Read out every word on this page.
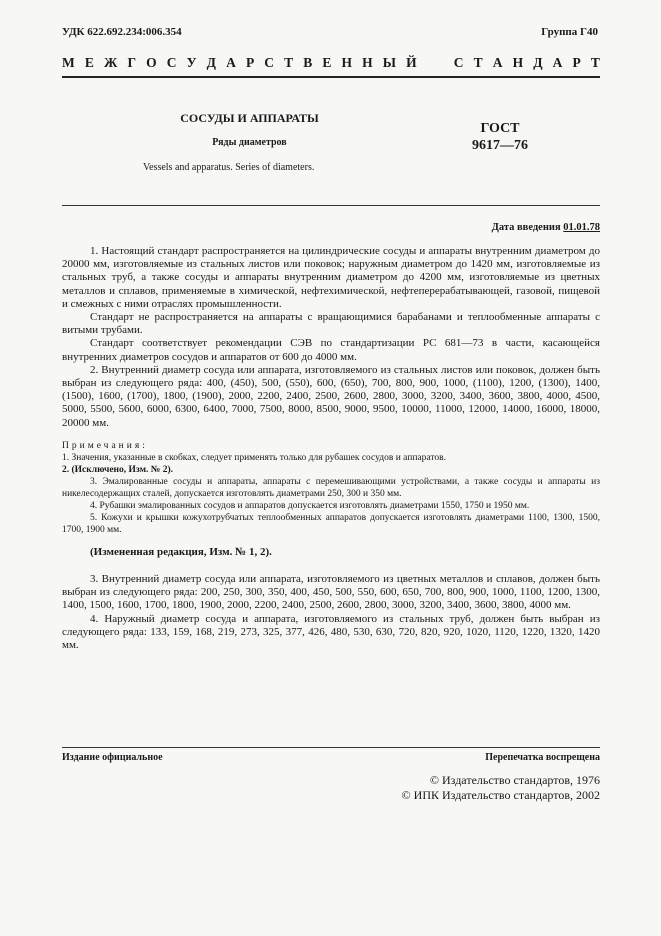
УДК 622.692.234:006.354	Группа Г40
М Е Ж Г О С У Д А Р С Т В Е Н Н Ы Й

	С Т А Н Д А Р Т
СОСУДЫ И АППАРАТЫ
Ряды диаметров
Vessels and apparatus. Series of diameters.
ГОСТ
9617—76
Дата введения 01.01.78

1. Настоящий стандарт распространяется на цилиндрические сосуды и аппараты внутренним диаметром до 20000 мм, изготовляемые из стальных листов или поковок; наружным диаметром до 1420 мм, изготовляемые из стальных труб, а также сосуды и аппараты внутренним диаметром до 4200 мм, изготовляемые из цветных металлов и сплавов, применяемые в химической, нефтехимической, нефтеперерабатывающей, газовой, пищевой и смежных с ними отраслях промышленности.

Стандарт не распространяется на аппараты с вращающимися барабанами и теплообменные аппараты с витыми трубами.

Стандарт соответствует рекомендации СЭВ по стандартизации РС 681—73 в части, касающейся внутренних диаметров сосудов и аппаратов от 600 до 4000 мм.

2. Внутренний диаметр сосуда или аппарата, изготовляемого из стальных листов или поковок, должен быть выбран из следующего ряда: 400, (450), 500, (550), 600, (650), 700, 800, 900, 1000, (1100), 1200, (1300), 1400, (1500), 1600, (1700), 1800, (1900), 2000, 2200, 2400, 2500, 2600, 2800, 3000, 3200, 3400, 3600, 3800, 4000, 4500, 5000, 5500, 5600, 6000, 6300, 6400, 7000, 7500, 8000, 8500, 9000, 9500, 10000, 11000, 12000, 14000, 16000, 18000, 20000 мм.

Примечания:

1. Значения, указанные в скобках, следует применять только для рубашек сосудов и аппаратов.

2. (Исключено, Изм. № 2).

3. Эмалированные сосуды и аппараты, аппараты с перемешивающими устройствами, а также сосуды и аппараты из никелесодержащих сталей, допускается изготовлять диаметрами 250, 300 и 350 мм.

4. Рубашки эмалированных сосудов и аппаратов допускается изготовлять диаметрами 1550, 1750 и 1950 мм.

5. Кожухи и крышки кожухотрубчатых теплообменных аппаратов допускается изготовлять диаметрами 1100, 1300, 1500, 1700, 1900 мм.

(Измененная редакция, Изм. № 1, 2).

3. Внутренний диаметр сосуда или аппарата, изготовляемого из цветных металлов и сплавов, должен быть выбран из следующего ряда: 200, 250, 300, 350, 400, 450, 500, 550, 600, 650, 700, 800, 900, 1000, 1100, 1200, 1300, 1400, 1500, 1600, 1700, 1800, 1900, 2000, 2200, 2400, 2500, 2600, 2800, 3000, 3200, 3400, 3600, 3800, 4000 мм.

4. Наружный диаметр сосуда и аппарата, изготовляемого из стальных труб, должен быть выбран из следующего ряда: 133, 159, 168, 219, 273, 325, 377, 426, 480, 530, 630, 720, 820, 920, 1020, 1120, 1220, 1320, 1420 мм.

Издание официальное	Перепечатка воспрещена
© Издательство стандартов, 1976
© ИПК Издательство стандартов, 2002
